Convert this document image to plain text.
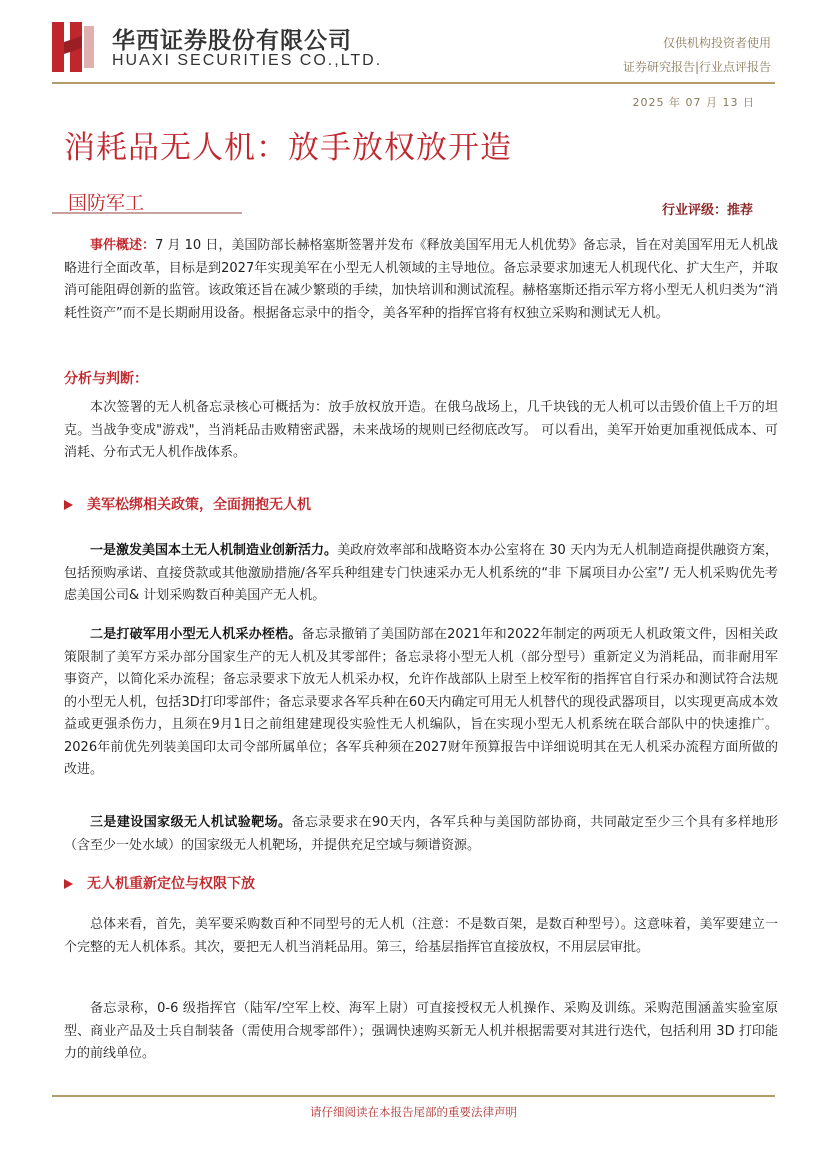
华西证券股份有限公司
HUAXI SECURITIES CO.,LTD.
仅供机构投资者使用
证券研究报告|行业点评报告
2025 年 07 月 13 日
消耗品无人机：放手放权放开造
国防军工	行业评级：推荐

事件概述：7 月 10 日，美国防部长赫格塞斯签署并发布《释放美国军用无人机优势》备忘录，旨在对美国军用无人机战略进行全面改革，目标是到2027年实现美军在小型无人机领域的主导地位。备忘录要求加速无人机现代化、扩大生产，并取消可能阻碍创新的监管。该政策还旨在减少繁琐的手续，加快培训和测试流程。赫格塞斯还指示军方将小型无人机归类为“消耗性资产”而不是长期耐用设备。根据备忘录中的指令，美各军种的指挥官将有权独立采购和测试无人机。

分析与判断：

本次签署的无人机备忘录核心可概括为：放手放权放开造。在俄乌战场上，几千块钱的无人机可以击毁价值上千万的坦克。当战争变成"游戏"，当消耗品击败精密武器，未来战场的规则已经彻底改写。 可以看出，美军开始更加重视低成本、可消耗、分布式无人机作战体系。

美军松绑相关政策，全面拥抱无人机

一是激发美国本土无人机制造业创新活力。美政府效率部和战略资本办公室将在 30 天内为无人机制造商提供融资方案，包括预购承诺、直接贷款或其他激励措施/各军兵种组建专门快速采办无人机系统的“非 下属项目办公室”/ 无人机采购优先考虑美国公司& 计划采购数百种美国产无人机。

二是打破军用小型无人机采办桎梏。备忘录撤销了美国防部在2021年和2022年制定的两项无人机政策文件，因相关政策限制了美军方采办部分国家生产的无人机及其零部件；备忘录将小型无人机（部分型号）重新定义为消耗品，而非耐用军事资产，以简化采办流程；备忘录要求下放无人机采办权，允许作战部队上尉至上校军衔的指挥官自行采办和测试符合法规的小型无人机，包括3D打印零部件；备忘录要求各军兵种在60天内确定可用无人机替代的现役武器项目，以实现更高成本效益或更强杀伤力，且须在9月1日之前组建建现役实验性无人机编队，旨在实现小型无人机系统在联合部队中的快速推广。2026年前优先列装美国印太司令部所属单位；各军兵种须在2027财年预算报告中详细说明其在无人机采办流程方面所做的改进。

三是建设国家级无人机试验靶场。备忘录要求在90天内，各军兵种与美国防部协商，共同敲定至少三个具有多样地形（含至少一处水域）的国家级无人机靶场，并提供充足空域与频谱资源。

无人机重新定位与权限下放

总体来看，首先，美军要采购数百种不同型号的无人机（注意：不是数百架，是数百种型号）。这意味着，美军要建立一个完整的无人机体系。其次，要把无人机当消耗品用。第三，给基层指挥官直接放权，不用层层审批。

备忘录称，0-6 级指挥官（陆军/空军上校、海军上尉）可直接授权无人机操作、采购及训练。采购范围涵盖实验室原型、商业产品及士兵自制装备（需使用合规零部件）；强调快速购买新无人机并根据需要对其进行迭代，包括利用 3D 打印能力的前线单位。

请仔细阅读在本报告尾部的重要法律声明
